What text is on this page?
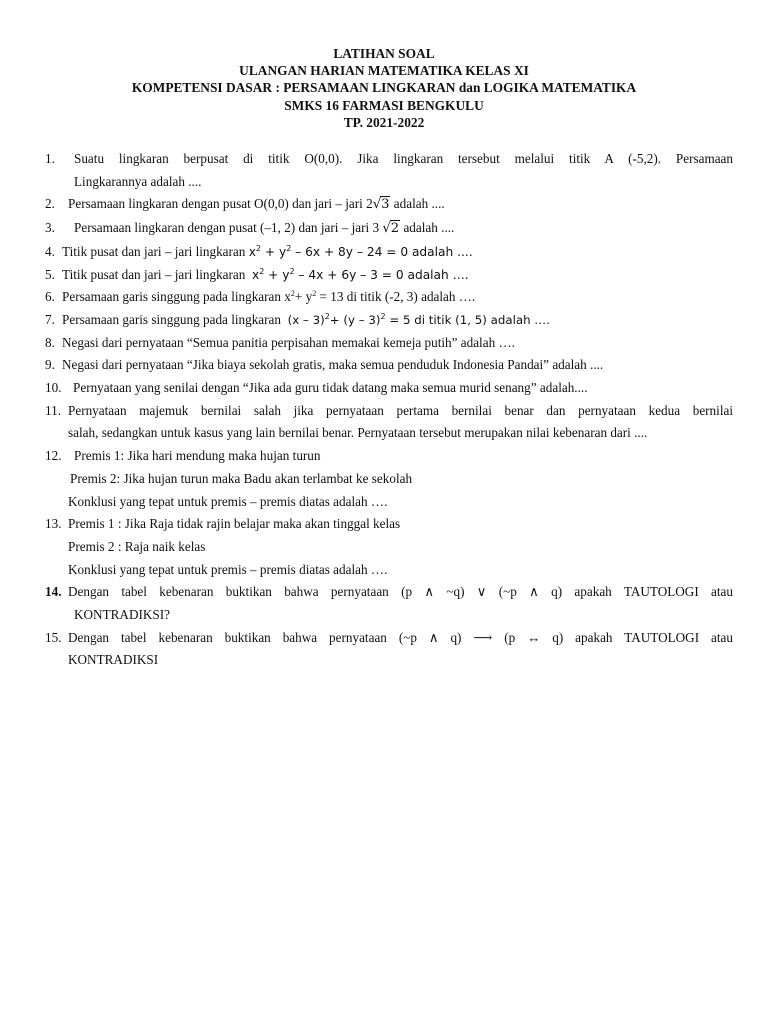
LATIHAN SOAL
ULANGAN HARIAN MATEMATIKA KELAS XI
KOMPETENSI DASAR : PERSAMAAN LINGKARAN dan LOGIKA MATEMATIKA
SMKS 16 FARMASI BENGKULU
TP. 2021-2022
1. Suatu lingkaran berpusat di titik O(0,0). Jika lingkaran tersebut melalui titik A (-5,2). Persamaan
Lingkarannya adalah ....
2. Persamaan lingkaran dengan pusat O(0,0) dan jari – jari 2√3 adalah ....
3. Persamaan lingkaran dengan pusat (–1, 2) dan jari – jari 3 √2 adalah ....
4. Titik pusat dan jari – jari lingkaran $x^2 + y^2 - 6x + 8y - 24 = 0$ adalah ....
5. Titik pusat dan jari – jari lingkaran $x^2 + y^2 - 4x + 6y - 3 = 0$ adalah ….
6. Persamaan garis singgung pada lingkaran $x^2+ y^2 = 13$ di titik (-2, 3) adalah ….
7. Persamaan garis singgung pada lingkaran (x – 3)$^2$+ (y – 3)$^2$ = 5 di titik (1, 5) adalah ….
8. Negasi dari pernyataan “Semua panitia perpisahan memakai kemeja putih” adalah ….
9. Negasi dari pernyataan “Jika biaya sekolah gratis, maka semua penduduk Indonesia Pandai” adalah ....
10. Pernyataan yang senilai dengan “Jika ada guru tidak datang maka semua murid senang” adalah....
11. Pernyataan majemuk bernilai salah jika pernyataan pertama bernilai benar dan pernyataan kedua bernilai
salah, sedangkan untuk kasus yang lain bernilai benar. Pernyataan tersebut merupakan nilai kebenaran dari ....
12. Premis 1: Jika hari mendung maka hujan turun
Premis 2: Jika hujan turun maka Badu akan terlambat ke sekolah
Konklusi yang tepat untuk premis – premis diatas adalah ….
13. Premis 1 : Jika Raja tidak rajin belajar maka akan tinggal kelas
Premis 2 : Raja naik kelas
Konklusi yang tepat untuk premis – premis diatas adalah ….
14. Dengan tabel kebenaran buktikan bahwa pernyataan (p ∧ ~q) ∨ (~p ∧ q) apakah TAUTOLOGI atau
KONTRADIKSI?
15. Dengan tabel kebenaran buktikan bahwa pernyataan (~p ∧ q) ⟶ (p ↔ q) apakah TAUTOLOGI atau
KONTRADIKSI
